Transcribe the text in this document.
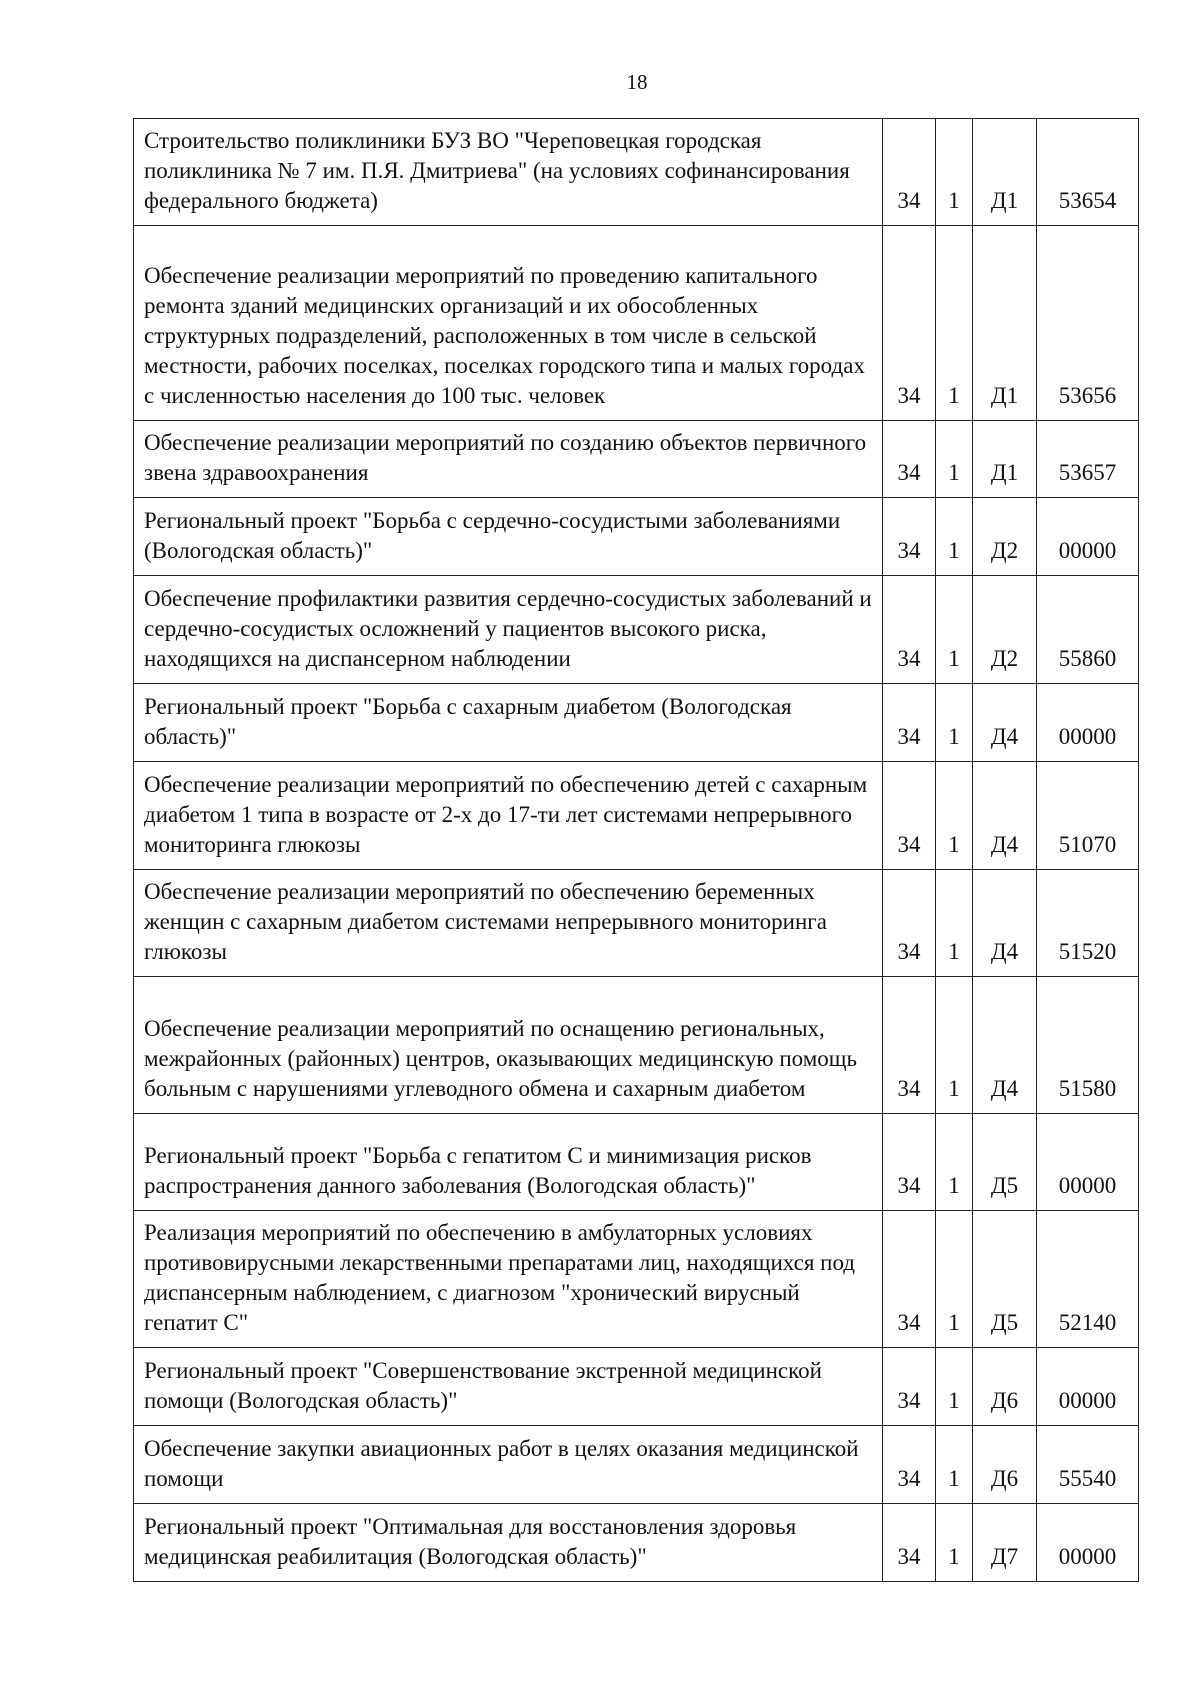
18
Строительство поликлиники БУЗ ВО "Череповецкая городская поликлиника № 7 им. П.Я. Дмитриева" (на условиях софинансирования федерального бюджета)	34	1	Д1	53654
Обеспечение реализации мероприятий по проведению капитального ремонта зданий медицинских организаций и их обособленных структурных подразделений, расположенных в том числе в сельской местности, рабочих поселках, поселках городского типа и малых городах с численностью населения до 100 тыс. человек	34	1	Д1	53656
Обеспечение реализации мероприятий по созданию объектов первичного звена здравоохранения	34	1	Д1	53657
Региональный проект "Борьба с сердечно-сосудистыми заболеваниями (Вологодская область)"	34	1	Д2	00000
Обеспечение профилактики развития сердечно-сосудистых заболеваний и сердечно-сосудистых осложнений у пациентов высокого риска, находящихся на диспансерном наблюдении	34	1	Д2	55860
Региональный проект "Борьба с сахарным диабетом (Вологодская область)"	34	1	Д4	00000
Обеспечение реализации мероприятий по обеспечению детей с сахарным диабетом 1 типа в возрасте от 2-х до 17-ти лет системами непрерывного мониторинга глюкозы	34	1	Д4	51070
Обеспечение реализации мероприятий по обеспечению беременных женщин с сахарным диабетом системами непрерывного мониторинга глюкозы	34	1	Д4	51520
Обеспечение реализации мероприятий по оснащению региональных, межрайонных (районных) центров, оказывающих медицинскую помощь больным с нарушениями углеводного обмена и сахарным диабетом	34	1	Д4	51580
Региональный проект "Борьба с гепатитом С и минимизация рисков распространения данного заболевания (Вологодская область)"	34	1	Д5	00000
Реализация мероприятий по обеспечению в амбулаторных условиях противовирусными лекарственными препаратами лиц, находящихся под диспансерным наблюдением, с диагнозом "хронический вирусный гепатит С"	34	1	Д5	52140
Региональный проект "Совершенствование экстренной медицинской помощи (Вологодская область)"	34	1	Д6	00000
Обеспечение закупки авиационных работ в целях оказания медицинской помощи	34	1	Д6	55540
Региональный проект "Оптимальная для восстановления здоровья медицинская реабилитация (Вологодская область)"	34	1	Д7	00000
